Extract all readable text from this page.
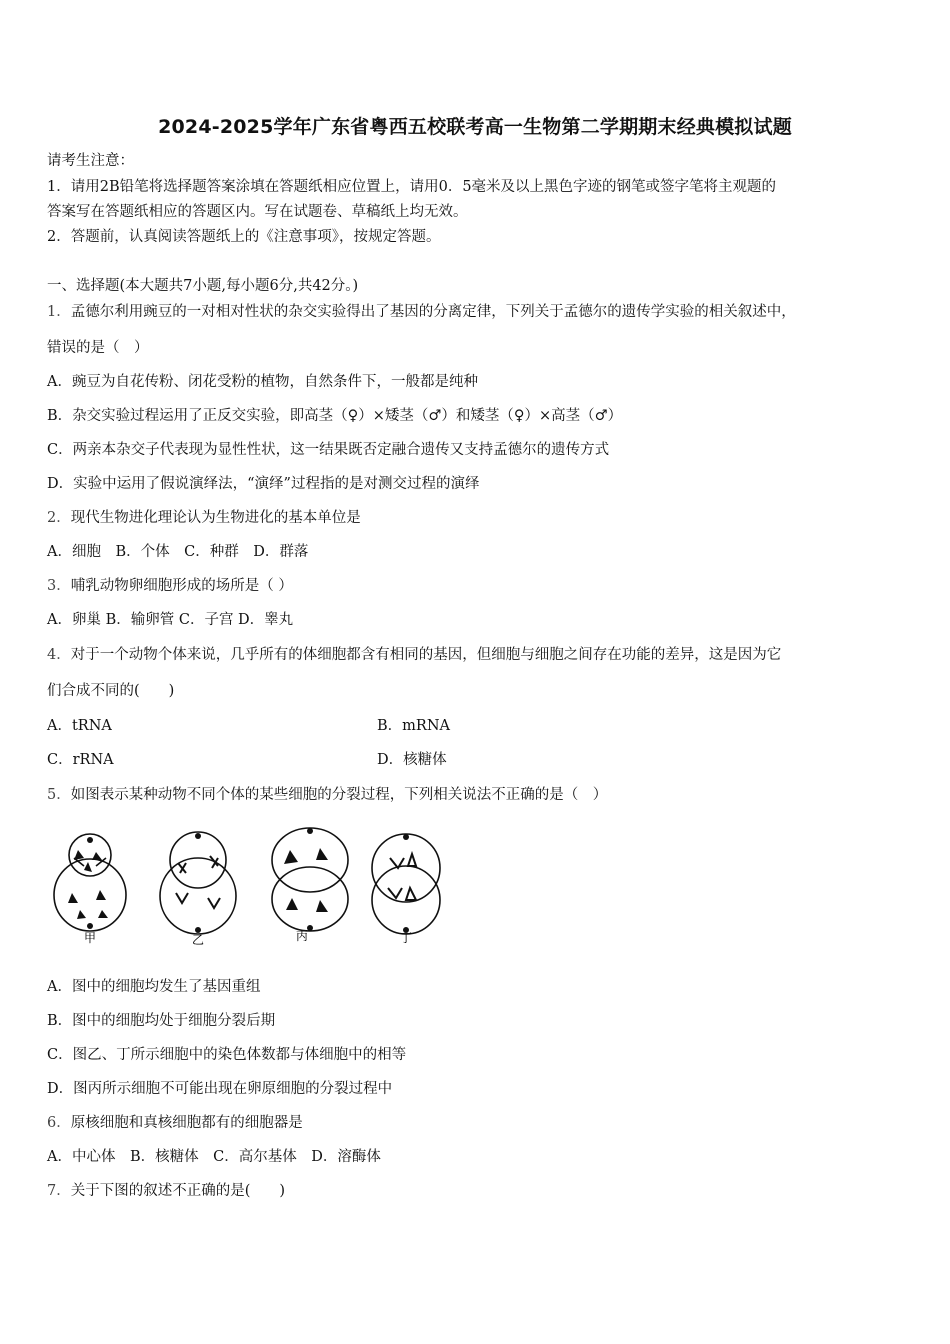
2024-2025学年广东省粤西五校联考高一生物第二学期期末经典模拟试题
请考生注意：
1．请用2B铅笔将选择题答案涂填在答题纸相应位置上，请用0．5毫米及以上黑色字迹的钢笔或签字笔将主观题的
答案写在答题纸相应的答题区内。写在试题卷、草稿纸上均无效。
2．答题前，认真阅读答题纸上的《注意事项》，按规定答题。
一、选择题(本大题共7小题,每小题6分,共42分。)
1．孟德尔利用豌豆的一对相对性状的杂交实验得出了基因的分离定律，下列关于孟德尔的遗传学实验的相关叙述中，
错误的是（　）
A．豌豆为自花传粉、闭花受粉的植物，自然条件下，一般都是纯种
B．杂交实验过程运用了正反交实验，即高茎（♀）×矮茎（♂）和矮茎（♀）×高茎（♂）
C．两亲本杂交子代表现为显性性状，这一结果既否定融合遗传又支持孟德尔的遗传方式
D．实验中运用了假说演绎法，“演绎”过程指的是对测交过程的演绎
2．现代生物进化理论认为生物进化的基本单位是
A．细胞　B．个体　C．种群　D．群落
3．哺乳动物卵细胞形成的场所是（ ）
A．卵巢 B．输卵管 C．子宫 D．睾丸
4．对于一个动物个体来说，几乎所有的体细胞都含有相同的基因，但细胞与细胞之间存在功能的差异，这是因为它
们合成不同的(　　)
A．tRNA	B．mRNA
C．rRNA	D．核糖体
5．如图表示某种动物不同个体的某些细胞的分裂过程，下列相关说法不正确的是（　）
甲	乙	丙	丁
A．图中的细胞均发生了基因重组
B．图中的细胞均处于细胞分裂后期
C．图乙、丁所示细胞中的染色体数都与体细胞中的相等
D．图丙所示细胞不可能出现在卵原细胞的分裂过程中
6．原核细胞和真核细胞都有的细胞器是
A．中心体　B．核糖体　C．高尔基体　D．溶酶体
7．关于下图的叙述不正确的是(　　)
